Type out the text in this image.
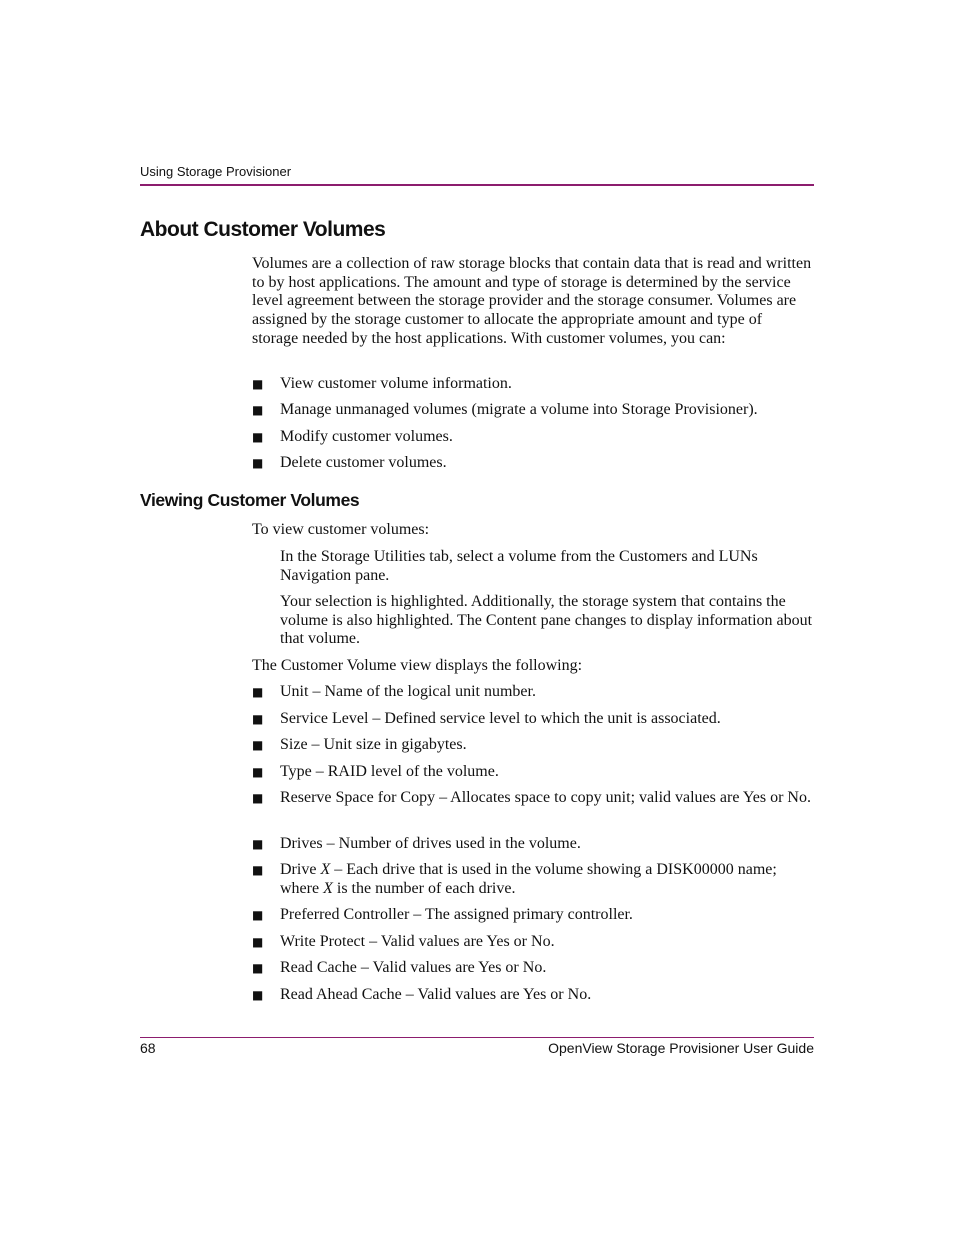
Using Storage Provisioner
About Customer Volumes

Volumes are a collection of raw storage blocks that contain data that is read and written to by host applications. The amount and type of storage is determined by the service level agreement between the storage provider and the storage consumer. Volumes are assigned by the storage customer to allocate the appropriate amount and type of storage needed by the host applications. With customer volumes, you can:

■ View customer volume information.
■ Manage unmanaged volumes (migrate a volume into Storage Provisioner).
■ Modify customer volumes.
■ Delete customer volumes.
Viewing Customer Volumes

To view customer volumes:

In the Storage Utilities tab, select a volume from the Customers and LUNs Navigation pane.

Your selection is highlighted. Additionally, the storage system that contains the volume is also highlighted. The Content pane changes to display information about that volume.

The Customer Volume view displays the following:

■ Unit – Name of the logical unit number.
■ Service Level – Defined service level to which the unit is associated.
■ Size – Unit size in gigabytes.
■ Type – RAID level of the volume.
■ Reserve Space for Copy – Allocates space to copy unit; valid values are Yes or No.
■ Drives – Number of drives used in the volume.
■ Drive X – Each drive that is used in the volume showing a DISK00000 name; where X is the number of each drive.
■ Preferred Controller – The assigned primary controller.
■ Write Protect – Valid values are Yes or No.
■ Read Cache – Valid values are Yes or No.
■ Read Ahead Cache – Valid values are Yes or No.
68	OpenView Storage Provisioner User Guide
